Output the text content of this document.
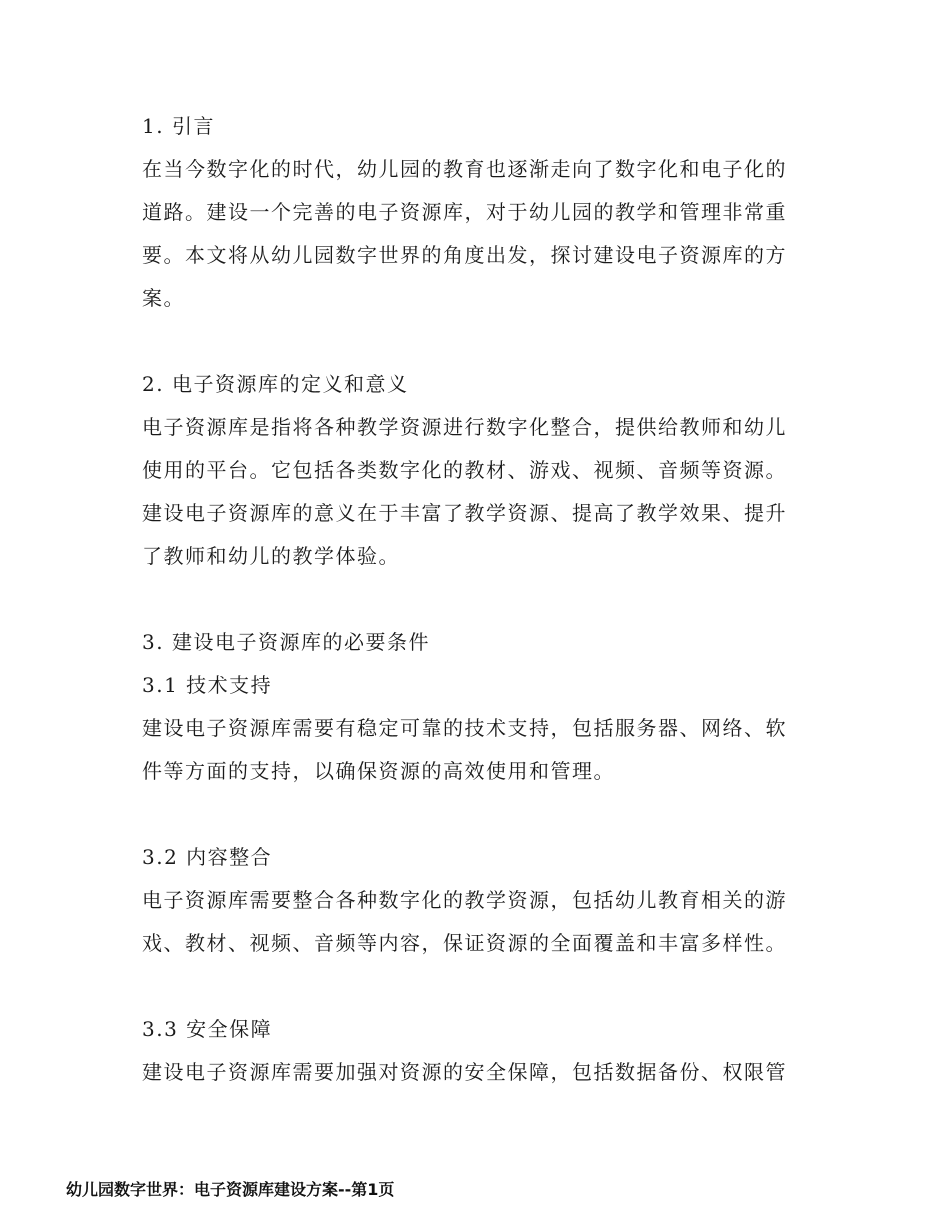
1. 引言
在当今数字化的时代，幼儿园的教育也逐渐走向了数字化和电子化的
道路。建设一个完善的电子资源库，对于幼儿园的教学和管理非常重
要。本文将从幼儿园数字世界的角度出发，探讨建设电子资源库的方
案。
2. 电子资源库的定义和意义
电子资源库是指将各种教学资源进行数字化整合，提供给教师和幼儿
使用的平台。它包括各类数字化的教材、游戏、视频、音频等资源。
建设电子资源库的意义在于丰富了教学资源、提高了教学效果、提升
了教师和幼儿的教学体验。
3. 建设电子资源库的必要条件
3.1 技术支持
建设电子资源库需要有稳定可靠的技术支持，包括服务器、网络、软
件等方面的支持，以确保资源的高效使用和管理。
3.2 内容整合
电子资源库需要整合各种数字化的教学资源，包括幼儿教育相关的游
戏、教材、视频、音频等内容，保证资源的全面覆盖和丰富多样性。
3.3 安全保障
建设电子资源库需要加强对资源的安全保障，包括数据备份、权限管
幼儿园数字世界：电子资源库建设方案--第1页
